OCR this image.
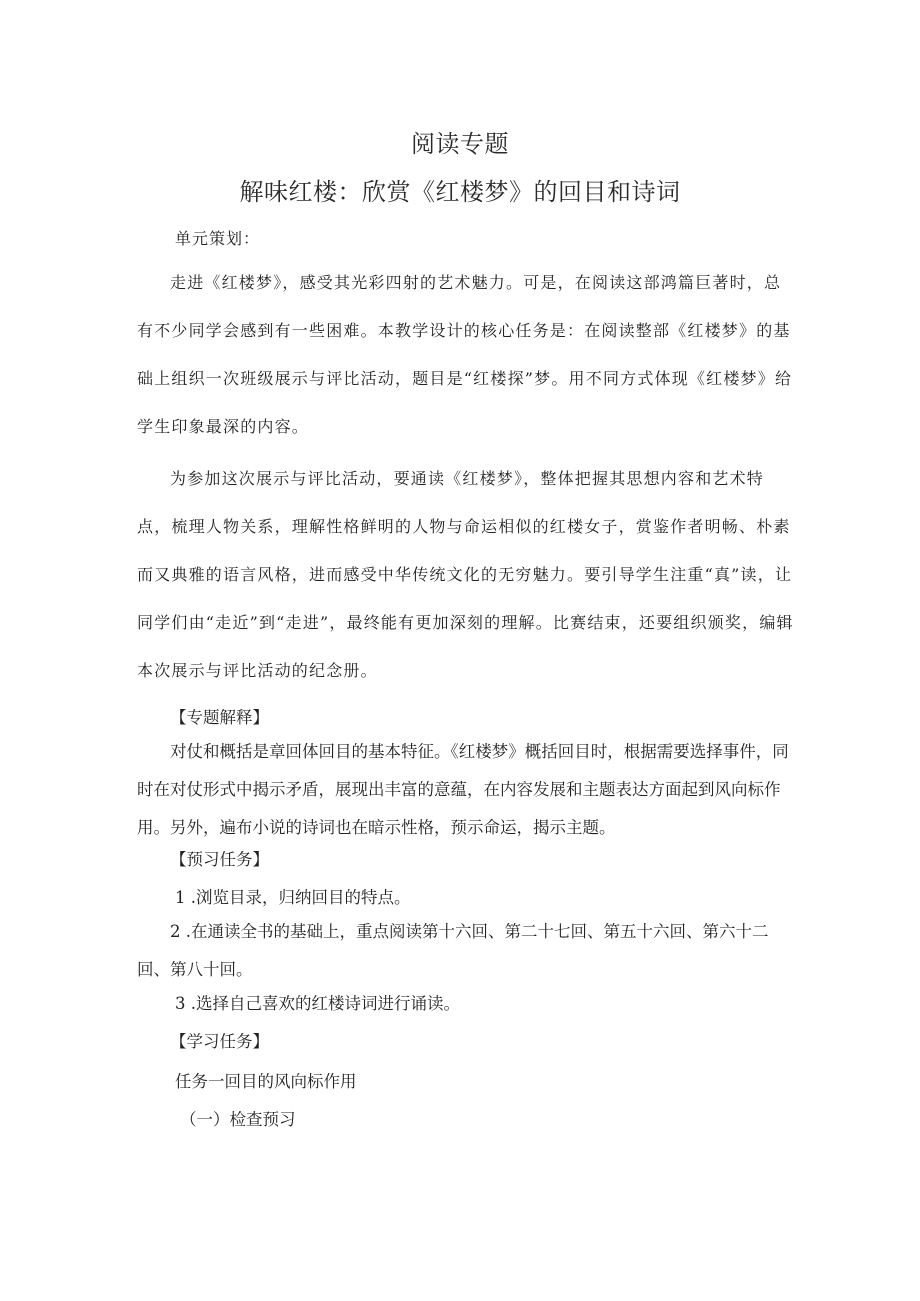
阅读专题
解味红楼：欣赏《红楼梦》的回目和诗词

单元策划：

走进《红楼梦》，感受其光彩四射的艺术魅力。可是，在阅读这部鸿篇巨著时，总有不少同学会感到有一些困难。本教学设计的核心任务是：在阅读整部《红楼梦》的基础上组织一次班级展示与评比活动，题目是“红楼探”梦。用不同方式体现《红楼梦》给学生印象最深的内容。

为参加这次展示与评比活动，要通读《红楼梦》，整体把握其思想内容和艺术特点，梳理人物关系，理解性格鲜明的人物与命运相似的红楼女子，赏鉴作者明畅、朴素而又典雅的语言风格，进而感受中华传统文化的无穷魅力。要引导学生注重“真”读，让同学们由“走近”到“走进”，最终能有更加深刻的理解。比赛结束，还要组织颁奖，编辑本次展示与评比活动的纪念册。

【专题解释】

对仗和概括是章回体回目的基本特征。《红楼梦》概括回目时，根据需要选择事件，同时在对仗形式中揭示矛盾，展现出丰富的意蕴，在内容发展和主题表达方面起到风向标作用。另外，遍布小说的诗词也在暗示性格，预示命运，揭示主题。

【预习任务】

1 .浏览目录，归纳回目的特点。

2 .在通读全书的基础上，重点阅读第十六回、第二十七回、第五十六回、第六十二回、第八十回。

3 .选择自己喜欢的红楼诗词进行诵读。

【学习任务】

任务一回目的风向标作用

（一）检查预习
